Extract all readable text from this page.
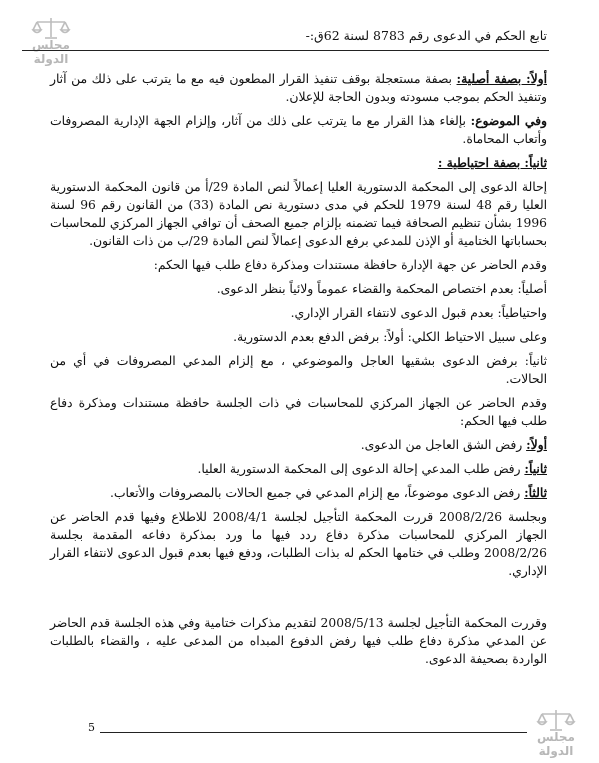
مجلس الدولة
تابع الحكم في الدعوى رقم 8783 لسنة 62ق:-

أولاً: بصفة أصلية: بصفة مستعجلة بوقف تنفيذ القرار المطعون فيه مع ما يترتب على ذلك من آثار وتنفيذ الحكم بموجب مسودته وبدون الحاجة للإعلان.

وفي الموضوع: بإلغاء هذا القرار مع ما يترتب على ذلك من آثار، وإلزام الجهة الإدارية المصروفات وأتعاب المحاماة.

ثانياً: بصفة احتياطية :

إحالة الدعوى إلى المحكمة الدستورية العليا إعمالاً لنص المادة 29/أ من قانون المحكمة الدستورية العليا رقم 48 لسنة 1979 للحكم في مدى دستورية نص المادة (33) من القانون رقم 96 لسنة 1996 بشأن تنظيم الصحافة فيما تضمنه بإلزام جميع الصحف أن توافي الجهاز المركزي للمحاسبات بحساباتها الختامية أو الإذن للمدعي برفع الدعوى إعمالاً لنص المادة 29/ب من ذات القانون.

وقدم الحاضر عن جهة الإدارة حافظة مستندات ومذكرة دفاع طلب فيها الحكم:

أصلياً: بعدم اختصاص المحكمة والقضاء عموماً ولائياً بنظر الدعوى.

واحتياطياً: بعدم قبول الدعوى لانتفاء القرار الإداري.

وعلى سبيل الاحتياط الكلي: أولاً: برفض الدفع بعدم الدستورية.

ثانياً: برفض الدعوى بشقيها العاجل والموضوعي ، مع إلزام المدعي المصروفات في أي من الحالات.

وقدم الحاضر عن الجهاز المركزي للمحاسبات في ذات الجلسة حافظة مستندات ومذكرة دفاع طلب فيها الحكم:

أولاً: رفض الشق العاجل من الدعوى.

ثانياً: رفض طلب المدعي إحالة الدعوى إلى المحكمة الدستورية العليا.

ثالثاً: رفض الدعوى موضوعاً، مع إلزام المدعي في جميع الحالات بالمصروفات والأتعاب.

وبجلسة 2008/2/26 قررت المحكمة التأجيل لجلسة 2008/4/1 للاطلاع وفيها قدم الحاضر عن الجهاز المركزي للمحاسبات مذكرة دفاع ردد فيها ما ورد بمذكرة دفاعه المقدمة بجلسة 2008/2/26 وطلب في ختامها الحكم له بذات الطلبات، ودفع فيها بعدم قبول الدعوى لانتفاء القرار الإداري.

وقررت المحكمة التأجيل لجلسة 2008/5/13 لتقديم مذكرات ختامية وفي هذه الجلسة قدم الحاضر عن المدعي مذكرة دفاع طلب فيها رفض الدفوع المبداه من المدعى عليه ، والقضاء بالطلبات الواردة بصحيفة الدعوى.

5
مجلس الدولة
